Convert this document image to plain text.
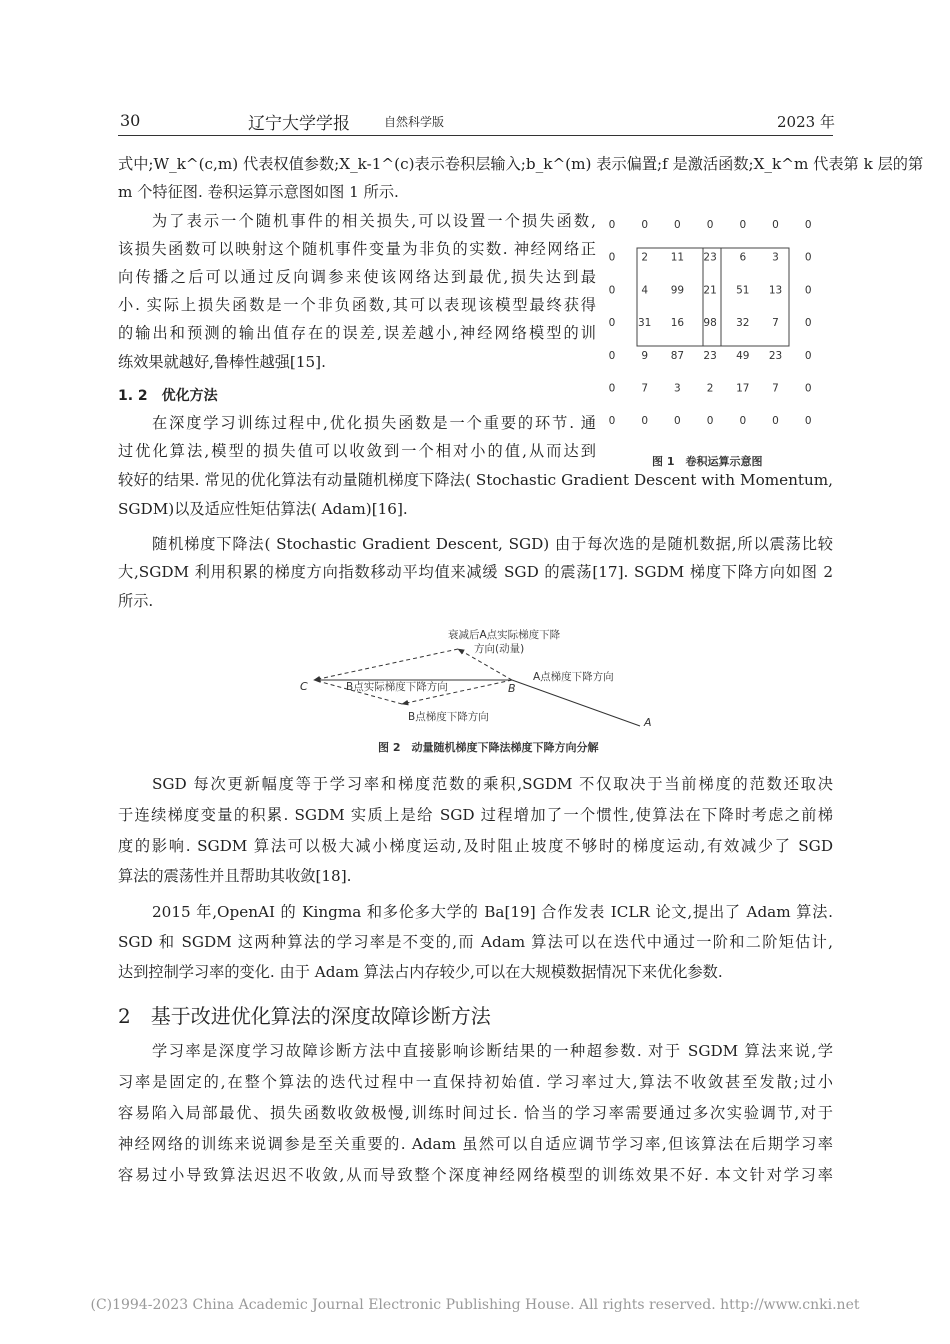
30	辽宁大学学报	自然科学版	2023 年
式中;W_k^(c,m) 代表权值参数;X_k-1^(c)表示卷积层输入;b_k^(m) 表示偏置;f 是激活函数;X_k^m 代表第 k 层的第
m 个特征图. 卷积运算示意图如图 1 所示.
为了表示一个随机事件的相关损失,可以设置一个损失函数,
该损失函数可以映射这个随机事件变量为非负的实数. 神经网络正
向传播之后可以通过反向调参来使该网络达到最优,损失达到最
小. 实际上损失函数是一个非负函数,其可以表现该模型最终获得
的输出和预测的输出值存在的误差,误差越小,神经网络模型的训
练效果就越好,鲁棒性越强[15].
1. 2　优化方法
在深度学习训练过程中,优化损失函数是一个重要的环节. 通
过优化算法,模型的损失值可以收敛到一个相对小的值,从而达到
较好的结果. 常见的优化算法有动量随机梯度下降法( Stochastic Gradient Descent with Momentum,
SGDM)以及适应性矩估算法( Adam)[16].
随机梯度下降法( Stochastic Gradient Descent, SGD) 由于每次选的是随机数据,所以震荡比较
大,SGDM 利用积累的梯度方向指数移动平均值来减缓 SGD 的震荡[17]. SGDM 梯度下降方向如图 2
所示.
0 0 0 0 0 0 0
0 2 11 23 6 3 0
0 4 99 21 51 13 0
0 31 16 98 32 7 0
0 9 87 23 49 23 0
0 7 3 2 17 7 0
0 0 0 0 0 0 0
图 1　卷积运算示意图
衰减后A点实际梯度下降
方向(动量)
A点梯度下降方向
B点实际梯度下降方向
B点梯度下降方向
C	B
A
图 2　动量随机梯度下降法梯度下降方向分解
SGD 每次更新幅度等于学习率和梯度范数的乘积,SGDM 不仅取决于当前梯度的范数还取决
于连续梯度变量的积累. SGDM 实质上是给 SGD 过程增加了一个惯性,使算法在下降时考虑之前梯
度的影响. SGDM 算法可以极大减小梯度运动,及时阻止坡度不够时的梯度运动,有效减少了 SGD
算法的震荡性并且帮助其收敛[18].
2015 年,OpenAI 的 Kingma 和多伦多大学的 Ba[19] 合作发表 ICLR 论文,提出了 Adam 算法.
SGD 和 SGDM 这两种算法的学习率是不变的,而 Adam 算法可以在迭代中通过一阶和二阶矩估计,
达到控制学习率的变化. 由于 Adam 算法占内存较少,可以在大规模数据情况下来优化参数.
2　基于改进优化算法的深度故障诊断方法
学习率是深度学习故障诊断方法中直接影响诊断结果的一种超参数. 对于 SGDM 算法来说,学
习率是固定的,在整个算法的迭代过程中一直保持初始值. 学习率过大,算法不收敛甚至发散;过小
容易陷入局部最优、损失函数收敛极慢,训练时间过长. 恰当的学习率需要通过多次实验调节,对于
神经网络的训练来说调参是至关重要的. Adam 虽然可以自适应调节学习率,但该算法在后期学习率
容易过小导致算法迟迟不收敛,从而导致整个深度神经网络模型的训练效果不好. 本文针对学习率
(C)1994-2023 China Academic Journal Electronic Publishing House. All rights reserved. http://www.cnki.net
